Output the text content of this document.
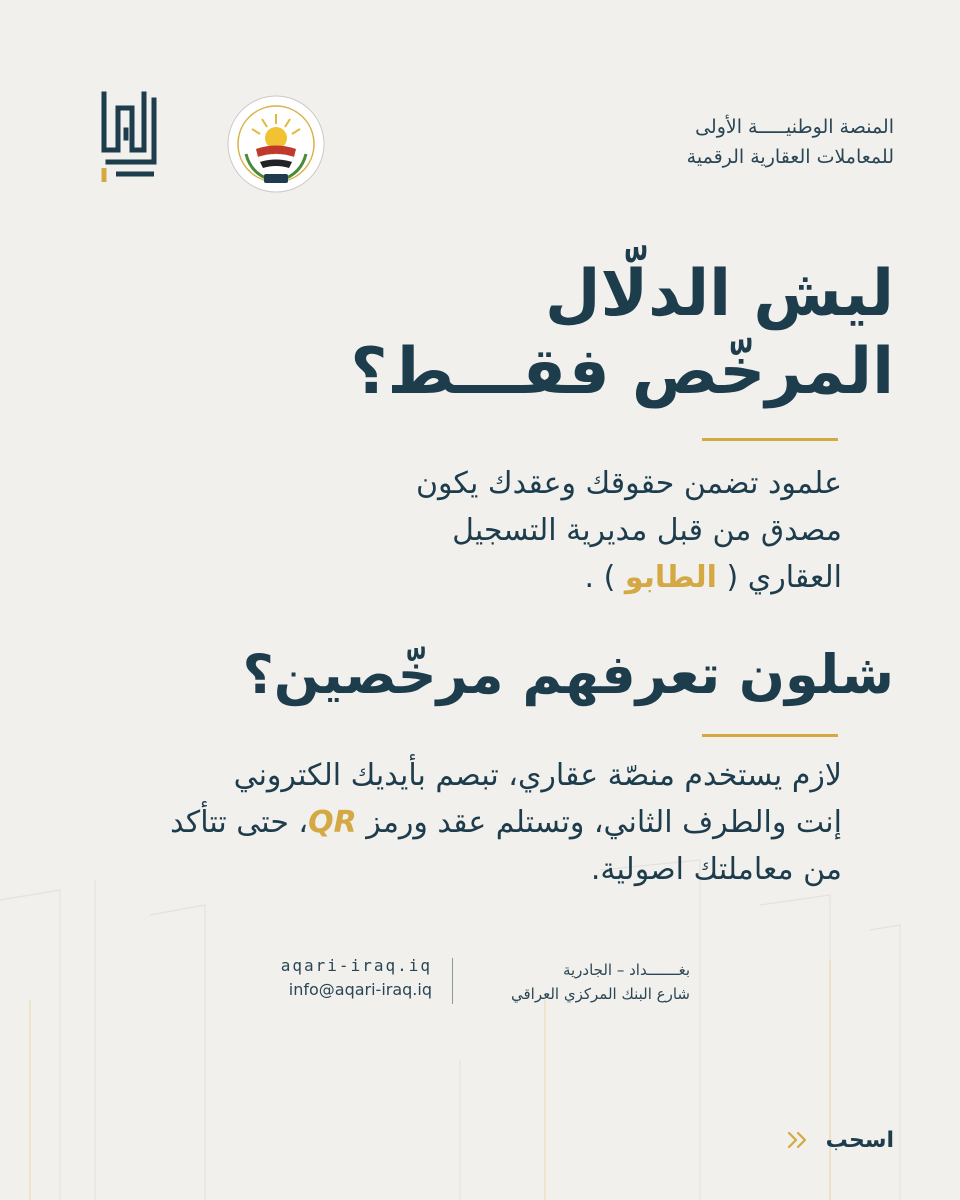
المنصة الوطنيـــــة الأولى
للمعاملات العقارية الرقمية
ليش الدلّال
المرخّص فقـــط؟
علمود تضمن حقوقك وعقدك يكون
مصدق من قبل مديرية التسجيل
العقاري ( الطابو ) .
شلون تعرفهم مرخّصين؟
لازم يستخدم منصّة عقاري، تبصم بأيديك الكتروني
إنت والطرف الثاني، وتستلم عقد ورمز QR، حتى تتأكد
من معاملتك اصولية.
بغـــــــداد – الجادرية
شارع البنك المركزي العراقي
aqari-iraq.iq
info@aqari-iraq.iq
اسحب
